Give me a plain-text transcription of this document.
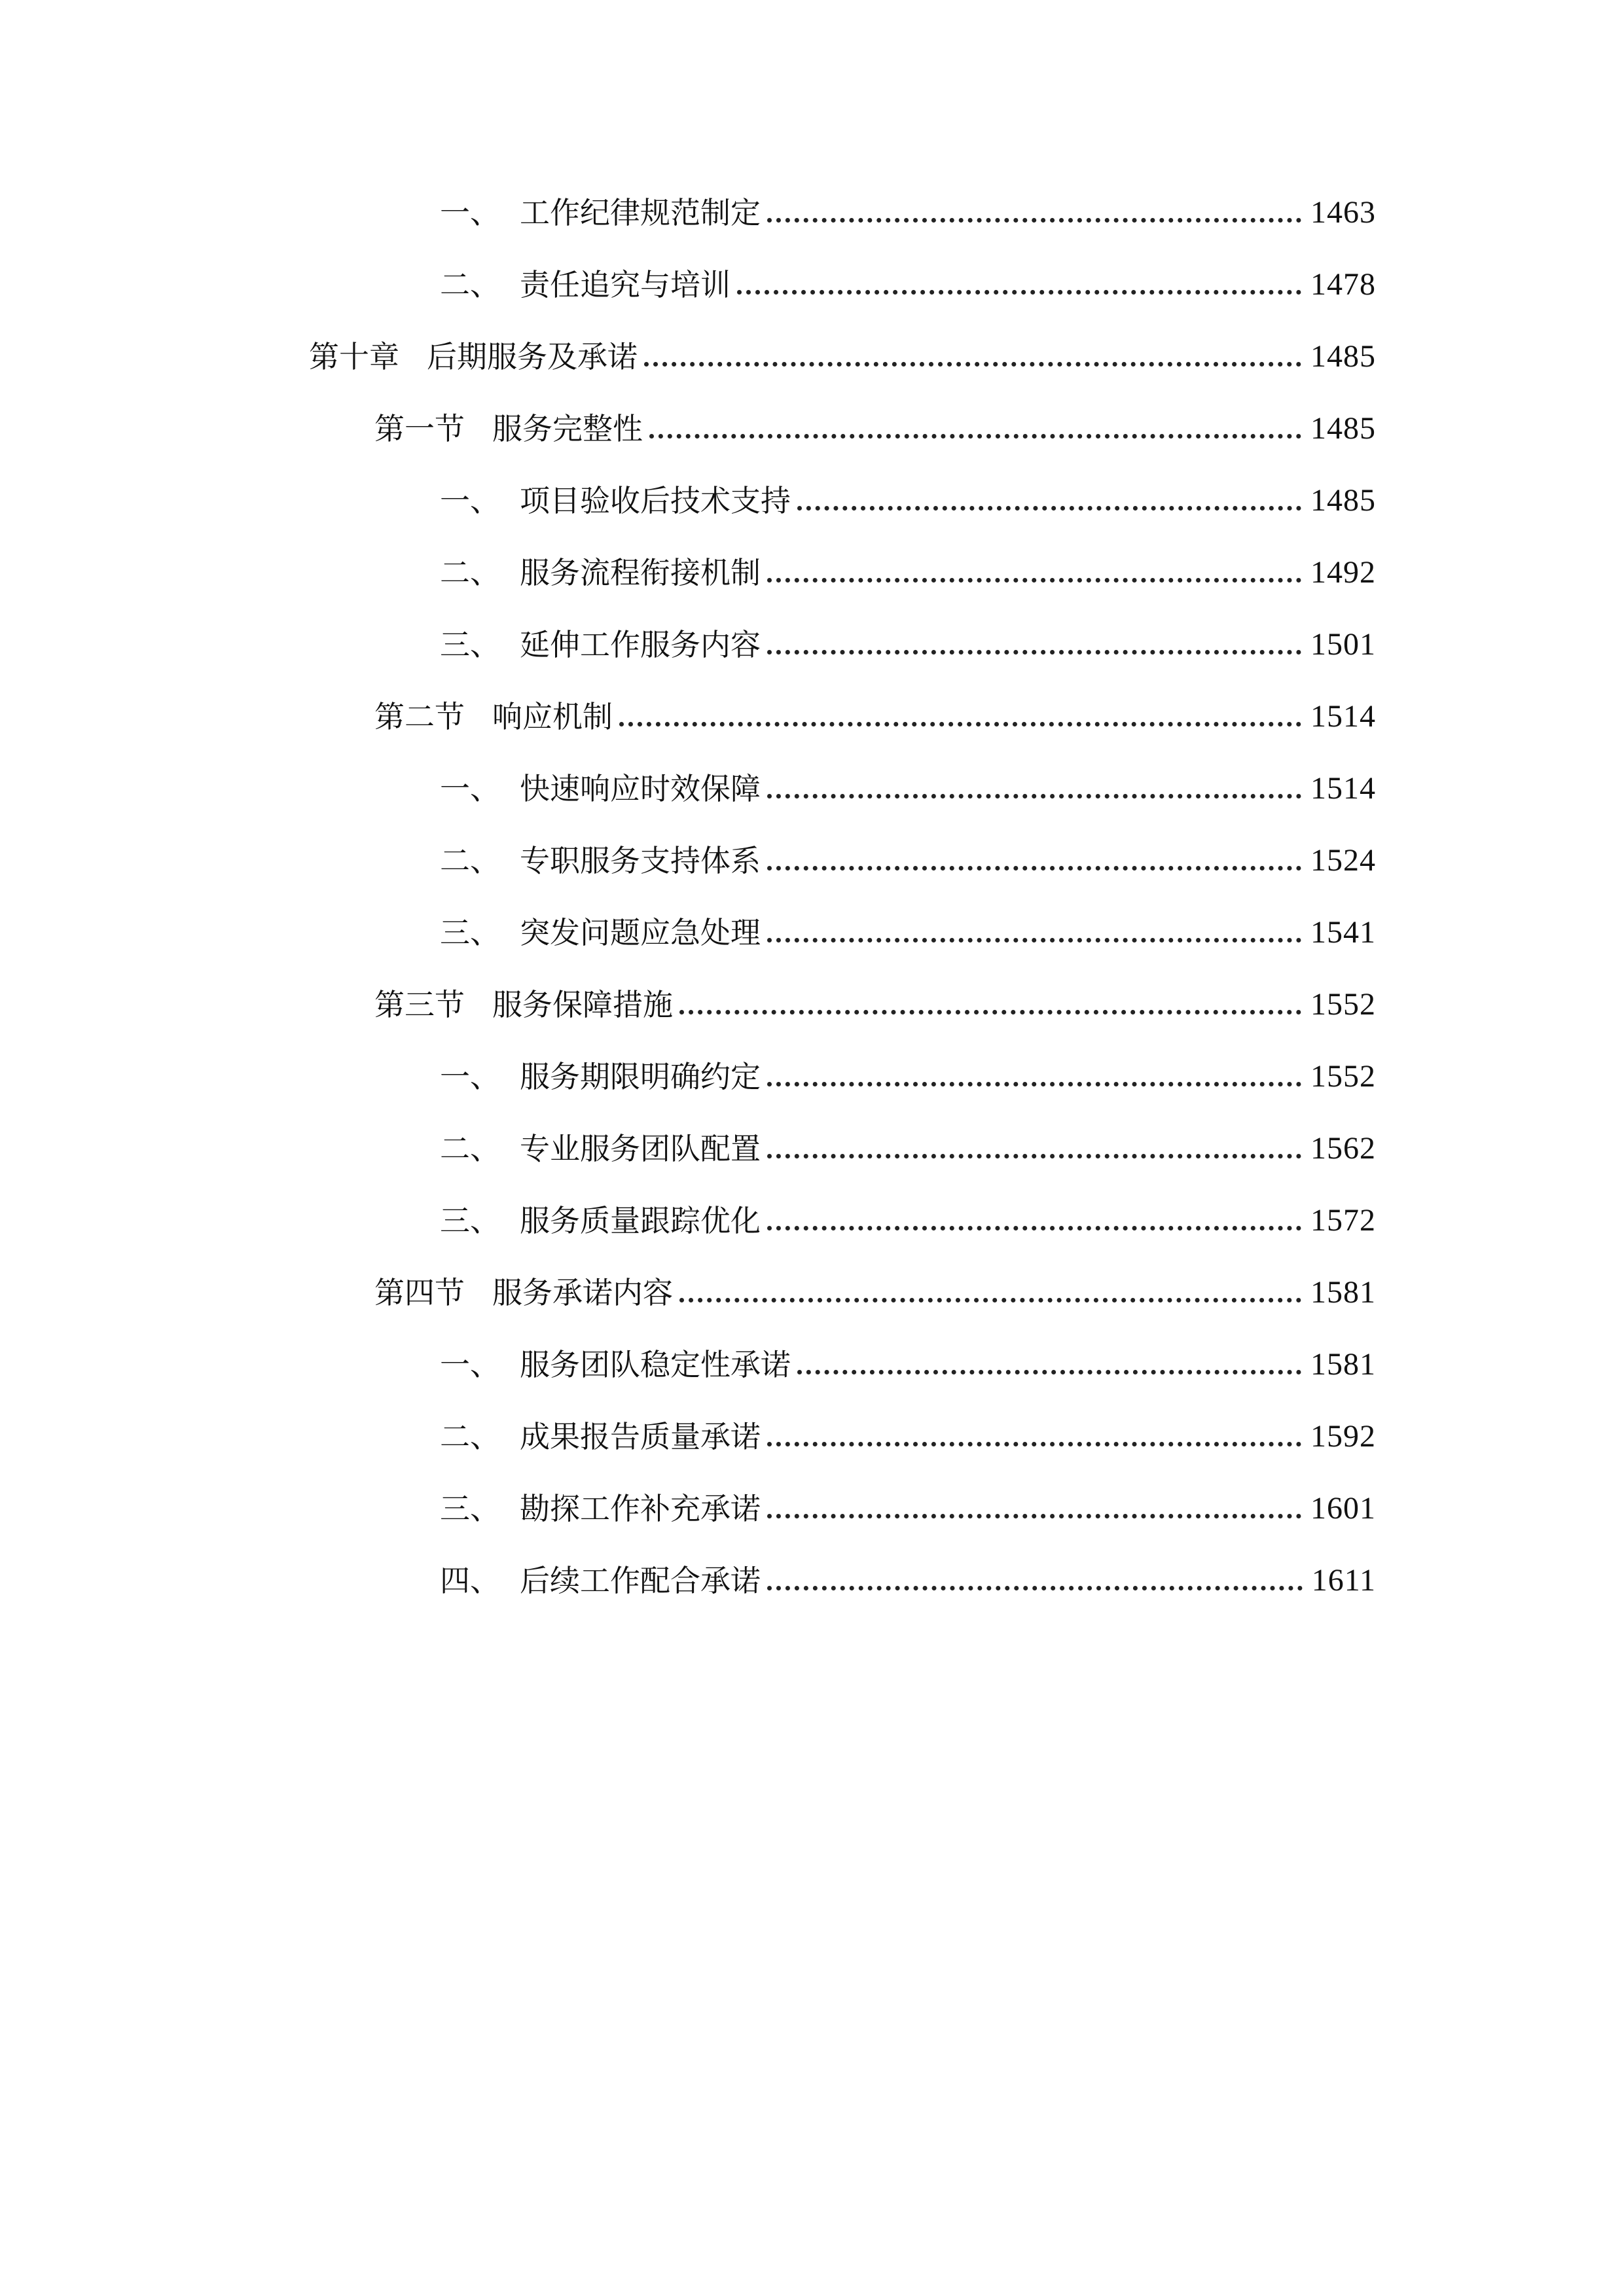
一、 工作纪律规范制定	1463
二、 责任追究与培训	1478
第十章 后期服务及承诺	1485
第一节 服务完整性	1485
一、 项目验收后技术支持	1485
二、 服务流程衔接机制	1492
三、 延伸工作服务内容	1501
第二节 响应机制	1514
一、 快速响应时效保障	1514
二、 专职服务支持体系	1524
三、 突发问题应急处理	1541
第三节 服务保障措施	1552
一、 服务期限明确约定	1552
二、 专业服务团队配置	1562
三、 服务质量跟踪优化	1572
第四节 服务承诺内容	1581
一、 服务团队稳定性承诺	1581
二、 成果报告质量承诺	1592
三、 勘探工作补充承诺	1601
四、 后续工作配合承诺	1611
